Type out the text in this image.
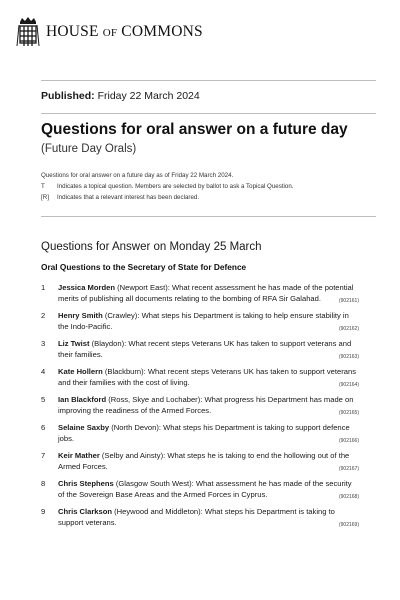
HOUSE OF COMMONS
Published: Friday 22 March 2024
Questions for oral answer on a future day
(Future Day Orals)
Questions for oral answer on a future day as of Friday 22 March 2024.
T	Indicates a topical question. Members are selected by ballot to ask a Topical Question.
[R]	Indicates that a relevant interest has been declared.
Questions for Answer on Monday 25 March
Oral Questions to the Secretary of State for Defence
1	Jessica Morden (Newport East): What recent assessment he has made of the potential merits of publishing all documents relating to the bombing of RFA Sir Galahad.	(902161)
2	Henry Smith (Crawley): What steps his Department is taking to help ensure stability in the Indo-Pacific.	(902162)
3	Liz Twist (Blaydon): What recent steps Veterans UK has taken to support veterans and their families.	(902163)
4	Kate Hollern (Blackburn): What recent steps Veterans UK has taken to support veterans and their families with the cost of living.	(902164)
5	Ian Blackford (Ross, Skye and Lochaber): What progress his Department has made on improving the readiness of the Armed Forces.	(902165)
6	Selaine Saxby (North Devon): What steps his Department is taking to support defence jobs.	(902166)
7	Keir Mather (Selby and Ainsty): What steps he is taking to end the hollowing out of the Armed Forces.	(902167)
8	Chris Stephens (Glasgow South West): What assessment he has made of the security of the Sovereign Base Areas and the Armed Forces in Cyprus.	(902168)
9	Chris Clarkson (Heywood and Middleton): What steps his Department is taking to support veterans.	(902169)
